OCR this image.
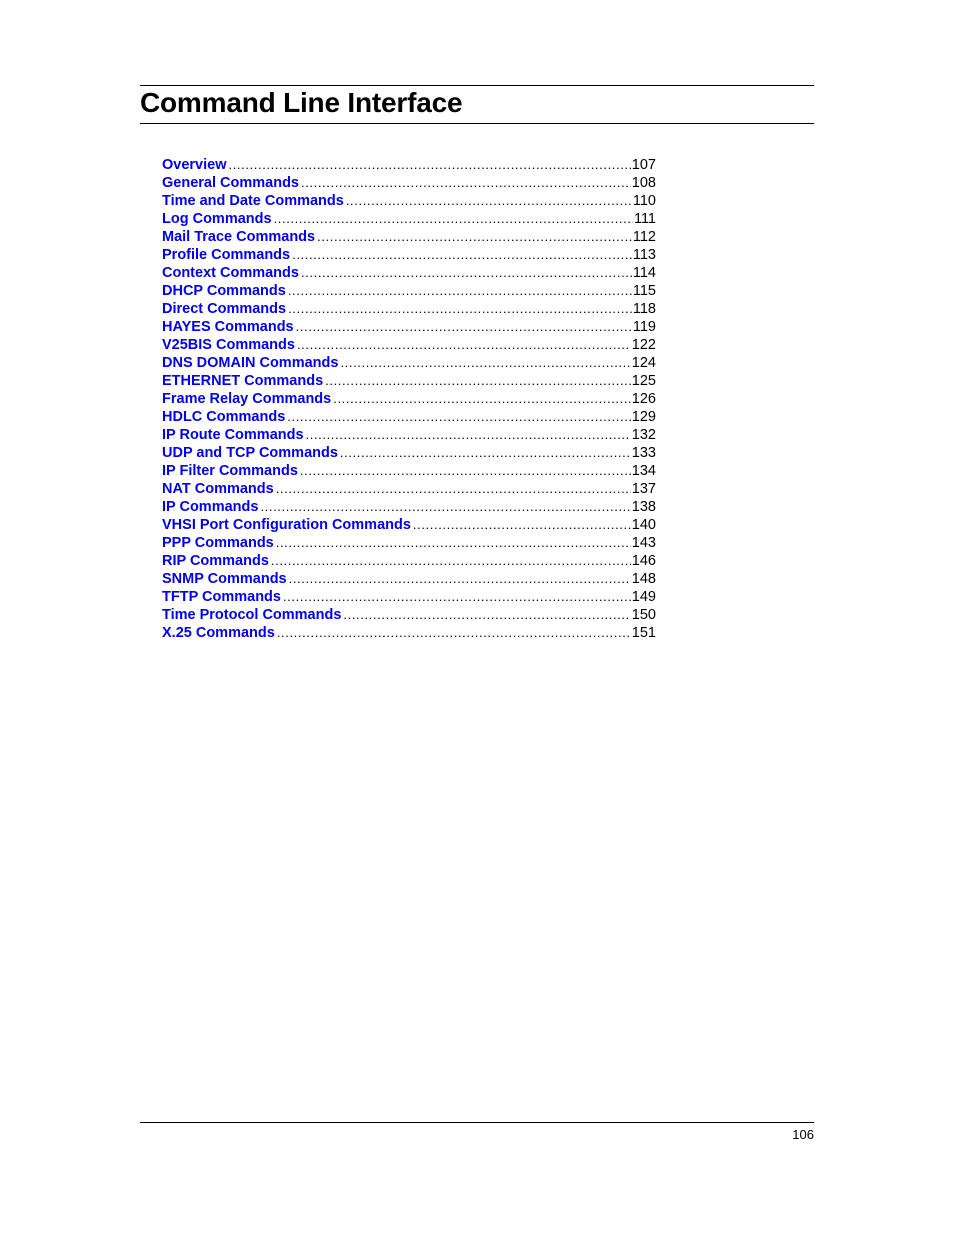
Command Line Interface
Overview .....	107
General Commands .....	108
Time and Date Commands .....	110
Log Commands .....	111
Mail Trace Commands .....	112
Profile Commands .....	113
Context Commands .....	114
DHCP Commands .....	115
Direct Commands .....	118
HAYES Commands .....	119
V25BIS Commands .....	122
DNS DOMAIN Commands .....	124
ETHERNET Commands .....	125
Frame Relay Commands .....	126
HDLC Commands .....	129
IP Route Commands .....	132
UDP and TCP Commands .....	133
IP Filter Commands .....	134
NAT Commands .....	137
IP Commands .....	138
VHSI Port Configuration Commands .....	140
PPP Commands .....	143
RIP Commands .....	146
SNMP Commands .....	148
TFTP Commands .....	149
Time Protocol Commands .....	150
X.25 Commands .....	151
106
